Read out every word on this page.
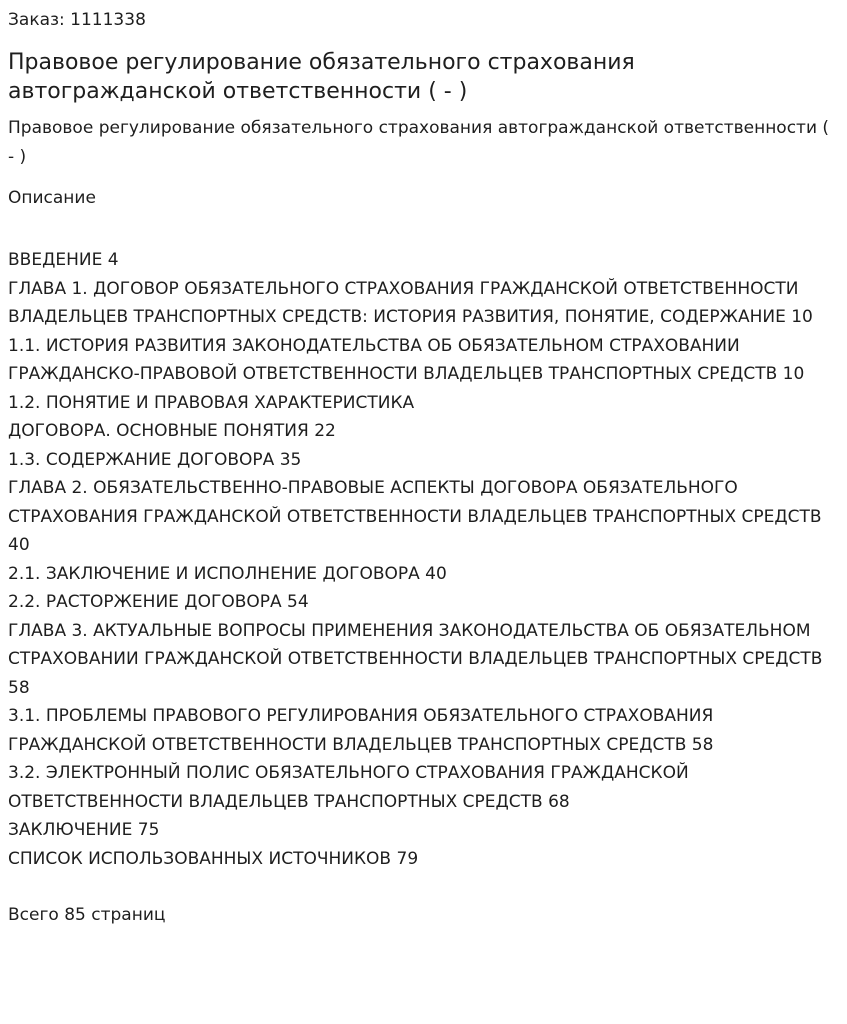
Заказ: 1111338
Правовое регулирование обязательного страхования автогражданской ответственности ( - )
Правовое регулирование обязательного страхования автогражданской ответственности ( - )
Описание
ВВЕДЕНИЕ 4
ГЛАВА 1. ДОГОВОР ОБЯЗАТЕЛЬНОГО СТРАХОВАНИЯ ГРАЖДАНСКОЙ ОТВЕТСТВЕННОСТИ ВЛАДЕЛЬЦЕВ ТРАНСПОРТНЫХ СРЕДСТВ: ИСТОРИЯ РАЗВИТИЯ, ПОНЯТИЕ, СОДЕРЖАНИЕ 10
1.1. ИСТОРИЯ РАЗВИТИЯ ЗАКОНОДАТЕЛЬСТВА ОБ ОБЯЗАТЕЛЬНОМ СТРАХОВАНИИ ГРАЖДАНСКО-ПРАВОВОЙ ОТВЕТСТВЕННОСТИ ВЛАДЕЛЬЦЕВ ТРАНСПОРТНЫХ СРЕДСТВ 10
1.2. ПОНЯТИЕ И ПРАВОВАЯ ХАРАКТЕРИСТИКА
ДОГОВОРА. ОСНОВНЫЕ ПОНЯТИЯ 22
1.3. СОДЕРЖАНИЕ ДОГОВОРА 35
ГЛАВА 2. ОБЯЗАТЕЛЬСТВЕННО-ПРАВОВЫЕ АСПЕКТЫ ДОГОВОРА ОБЯЗАТЕЛЬНОГО СТРАХОВАНИЯ ГРАЖДАНСКОЙ ОТВЕТСТВЕННОСТИ ВЛАДЕЛЬЦЕВ ТРАНСПОРТНЫХ СРЕДСТВ 40
2.1. ЗАКЛЮЧЕНИЕ И ИСПОЛНЕНИЕ ДОГОВОРА 40
2.2. РАСТОРЖЕНИЕ ДОГОВОРА 54
ГЛАВА 3. АКТУАЛЬНЫЕ ВОПРОСЫ ПРИМЕНЕНИЯ ЗАКОНОДАТЕЛЬСТВА ОБ ОБЯЗАТЕЛЬНОМ СТРАХОВАНИИ ГРАЖДАНСКОЙ ОТВЕТСТВЕННОСТИ ВЛАДЕЛЬЦЕВ ТРАНСПОРТНЫХ СРЕДСТВ 58
3.1. ПРОБЛЕМЫ ПРАВОВОГО РЕГУЛИРОВАНИЯ ОБЯЗАТЕЛЬНОГО СТРАХОВАНИЯ ГРАЖДАНСКОЙ ОТВЕТСТВЕННОСТИ ВЛАДЕЛЬЦЕВ ТРАНСПОРТНЫХ СРЕДСТВ 58
3.2. ЭЛЕКТРОННЫЙ ПОЛИС ОБЯЗАТЕЛЬНОГО СТРАХОВАНИЯ ГРАЖДАНСКОЙ ОТВЕТСТВЕННОСТИ ВЛАДЕЛЬЦЕВ ТРАНСПОРТНЫХ СРЕДСТВ 68
ЗАКЛЮЧЕНИЕ 75
СПИСОК ИСПОЛЬЗОВАННЫХ ИСТОЧНИКОВ 79
Всего 85 страниц
